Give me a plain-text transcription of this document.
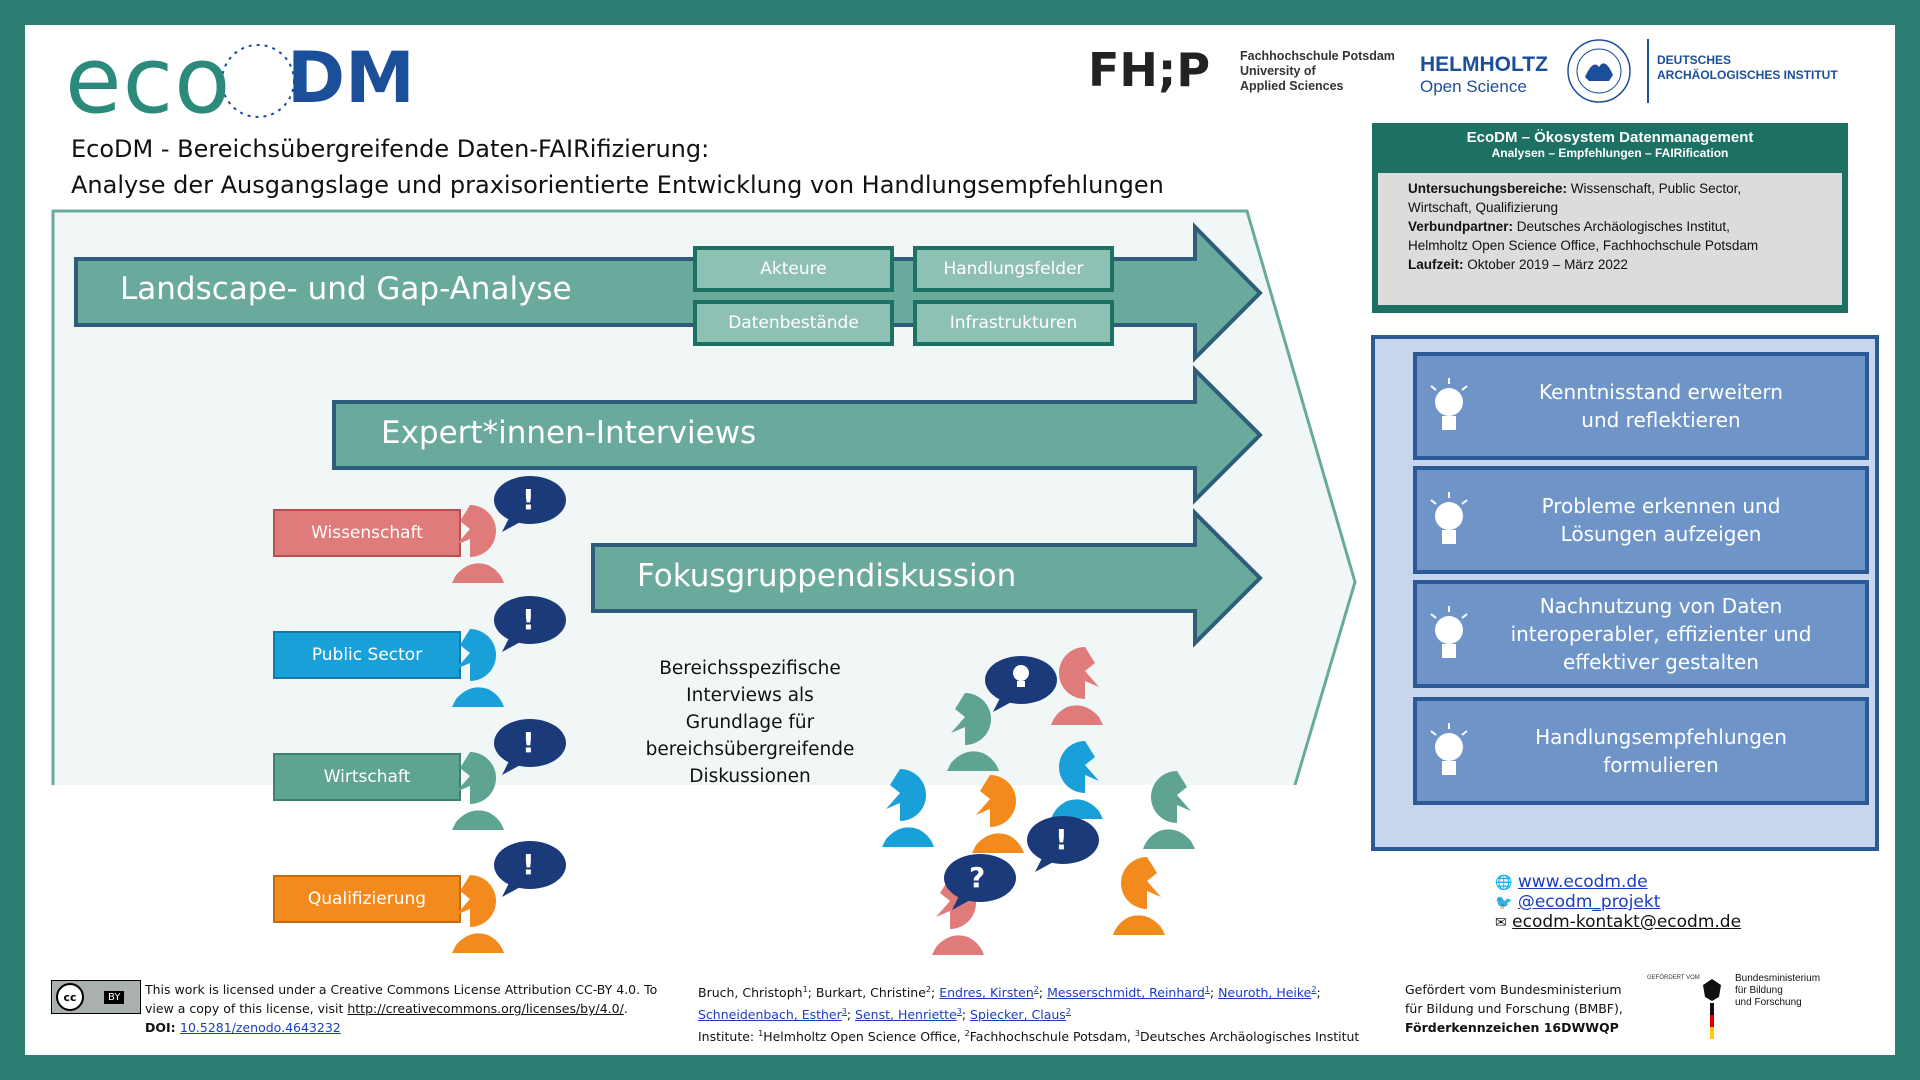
eco DM	FH;P Fachhochschule Potsdam
University of
Applied Sciences
HELMHOLTZ
Open Science
DEUTSCHES
ARCHÄOLOGISCHES INSTITUT
EcoDM - Bereichsübergreifende Daten-FAIRifizierung:
Analyse der Ausgangslage und praxisorientierte Entwicklung von Handlungsempfehlungen
EcoDM – Ökosystem Datenmanagement
Analysen – Empfehlungen – FAIRification
Untersuchungsbereiche: Wissenschaft, Public Sector,
Wirtschaft, Qualifizierung
Verbundpartner: Deutsches Archäologisches Institut,
Helmholtz Open Science Office, Fachhochschule Potsdam
Laufzeit: Oktober 2019 – März 2022
Landscape- und Gap-Analyse
Expert*innen-Interviews
Fokusgruppendiskussion
Akteure	Handlungsfelder
Datenbestände	Infrastrukturen
Wissenschaft
Public Sector
Wirtschaft
Qualifizierung
!
!
!
!
!
?
Bereichsspezifische
Interviews als
Grundlage für
bereichsübergreifende
Diskussionen
Kenntnisstand erweitern
und reflektieren
Probleme erkennen und
Lösungen aufzeigen
Nachnutzung von Daten
interoperabler, effizienter und
effektiver gestalten
Handlungsempfehlungen
formulieren
🌐 www.ecodm.de
🐦 @ecodm_projekt
✉ ecodm-kontakt@ecodm.de
cc	BY	This work is licensed under a Creative Commons License Attribution CC-BY 4.0. To
view a copy of this license, visit http://creativecommons.org/licenses/by/4.0/.
DOI: 10.5281/zenodo.4643232
Bruch, Christoph$^1$; Burkart, Christine$^2$; Endres, Kirsten$^2$; Messerschmidt, Reinhard$^1$; Neuroth, Heike$^2$;
Schneidenbach, Esther$^3$; Senst, Henriette$^3$; Spiecker, Claus$^2$
Institute: $^1$Helmholtz Open Science Office, $^2$Fachhochschule Potsdam, $^3$Deutsches Archäologisches Institut
Gefördert vom Bundesministerium
für Bildung und Forschung (BMBF),
Förderkennzeichen 16DWWQP
GEFÖRDERT VOM	Bundesministerium
für Bildung
und Forschung
